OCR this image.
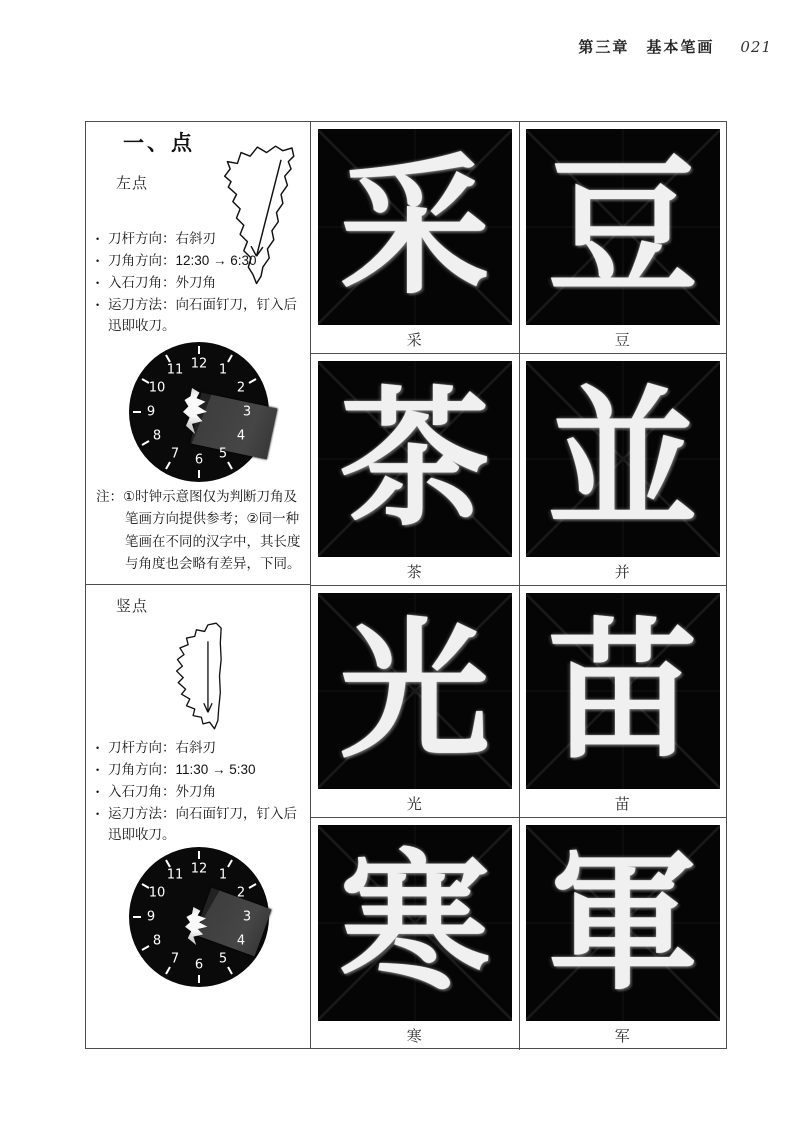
第三章　基本笔画 021
一、点
左点
•
刀杆方向：右斜刃
•
刀角方向：12:30 → 6:30
•
入石刀角：外刀角
•
运刀方法：向石面钉刀，钉入后迅即收刀。
12 1
2
3
4
5
6
7
8
9
10
11
注：①时钟示意图仅为判断刀角及笔画方向提供参考；②同一种笔画在不同的汉字中，其长度与角度也会略有差异，下同。
竖点
•
刀杆方向：右斜刃
•
刀角方向：11:30 → 5:30
•
入石刀角：外刀角
•
运刀方法：向石面钉刀，钉入后迅即收刀。
12 1
2
3
4
5
6
7
8
9
10
11
采
采
豆
豆
茶
茶
並
并
光
光
苗
苗
寒
寒
軍
军
